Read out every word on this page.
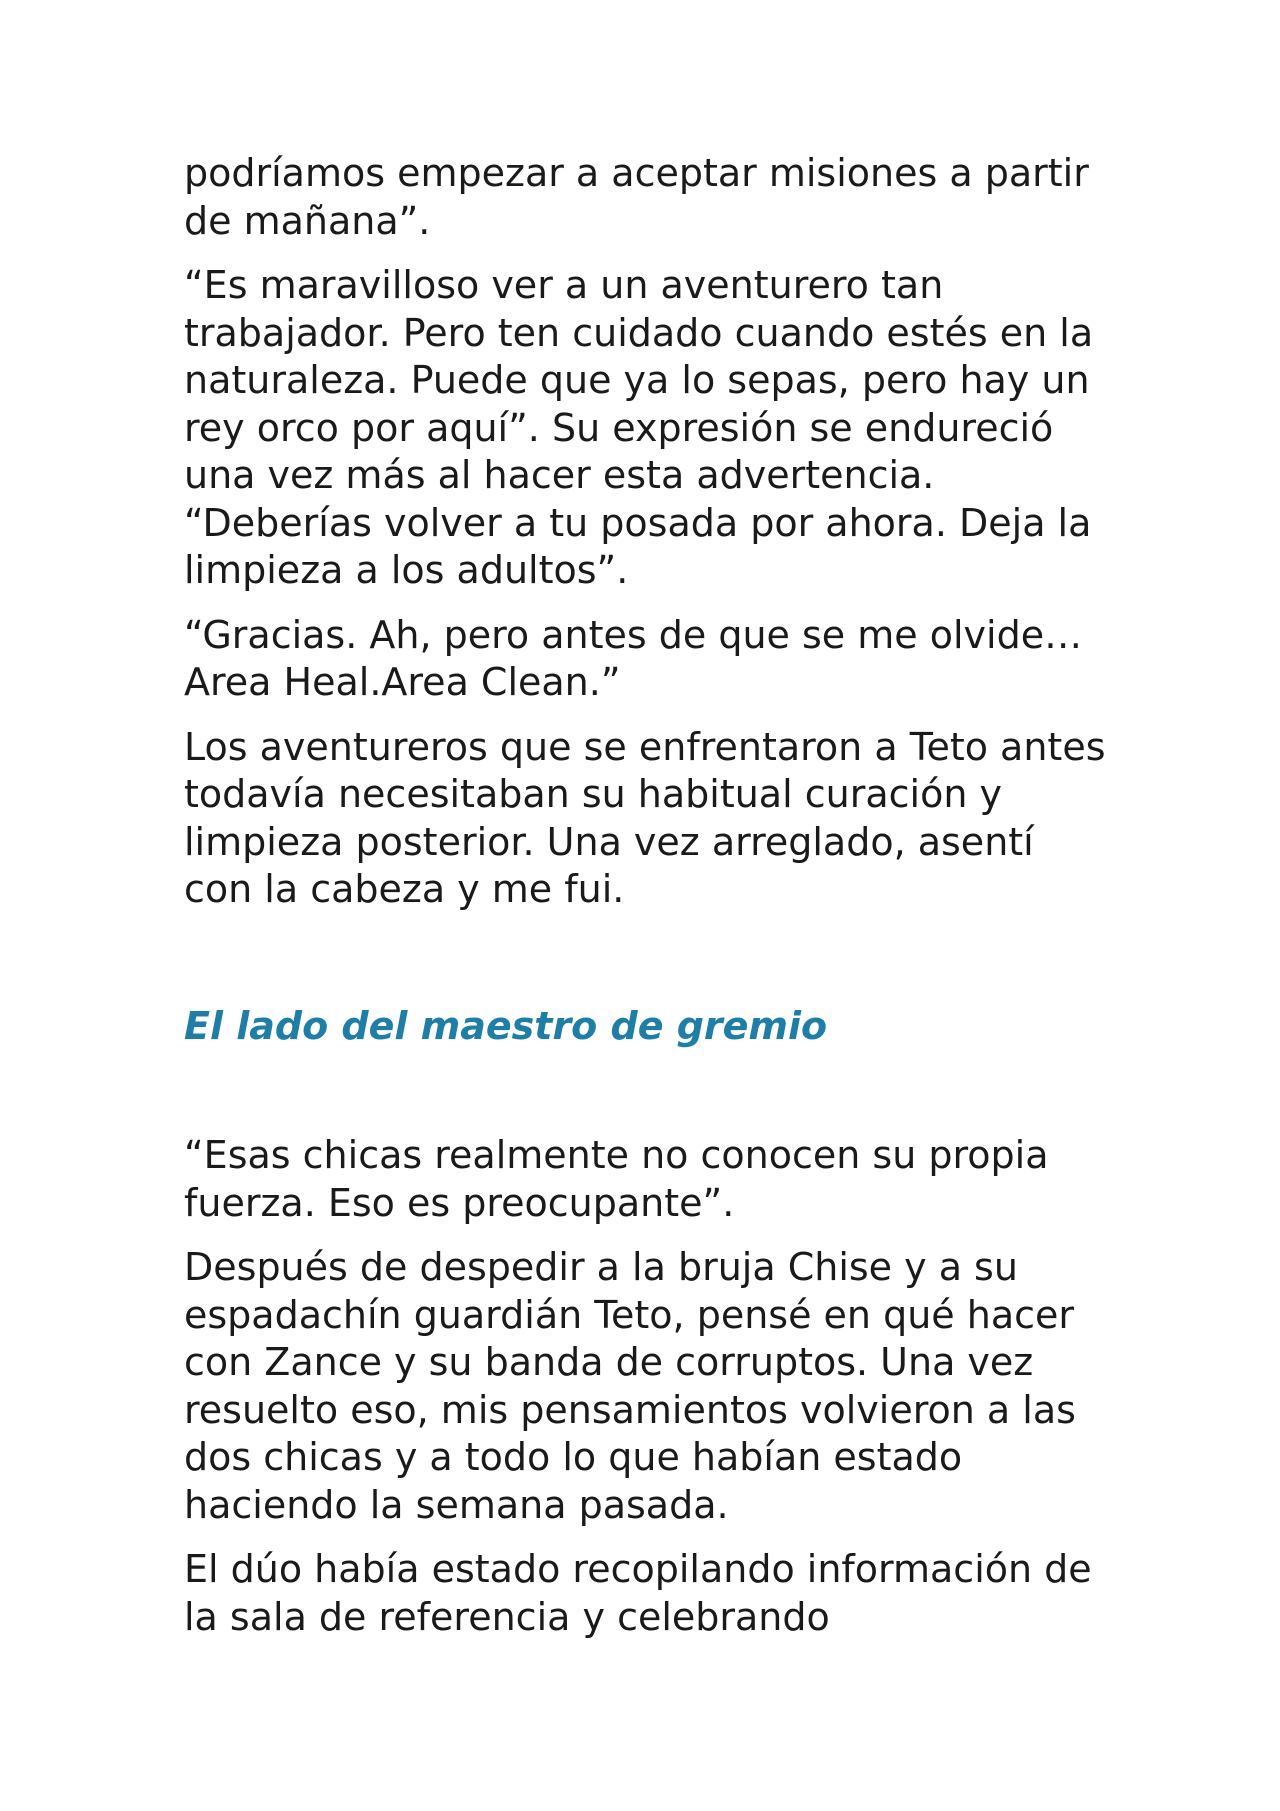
podríamos empezar a aceptar misiones a partir de mañana”.

“Es maravilloso ver a un aventurero tan trabajador. Pero ten cuidado cuando estés en la naturaleza. Puede que ya lo sepas, pero hay un rey orco por aquí”. Su expresión se endureció una vez más al hacer esta advertencia. “Deberías volver a tu posada por ahora. Deja la limpieza a los adultos”.

“Gracias. Ah, pero antes de que se me olvide… Area Heal.Area Clean.”

Los aventureros que se enfrentaron a Teto antes todavía necesitaban su habitual curación y limpieza posterior. Una vez arreglado, asentí con la cabeza y me fui.

El lado del maestro de gremio

“Esas chicas realmente no conocen su propia fuerza. Eso es preocupante”.

Después de despedir a la bruja Chise y a su espadachín guardián Teto, pensé en qué hacer con Zance y su banda de corruptos. Una vez resuelto eso, mis pensamientos volvieron a las dos chicas y a todo lo que habían estado haciendo la semana pasada.

El dúo había estado recopilando información de la sala de referencia y celebrando
